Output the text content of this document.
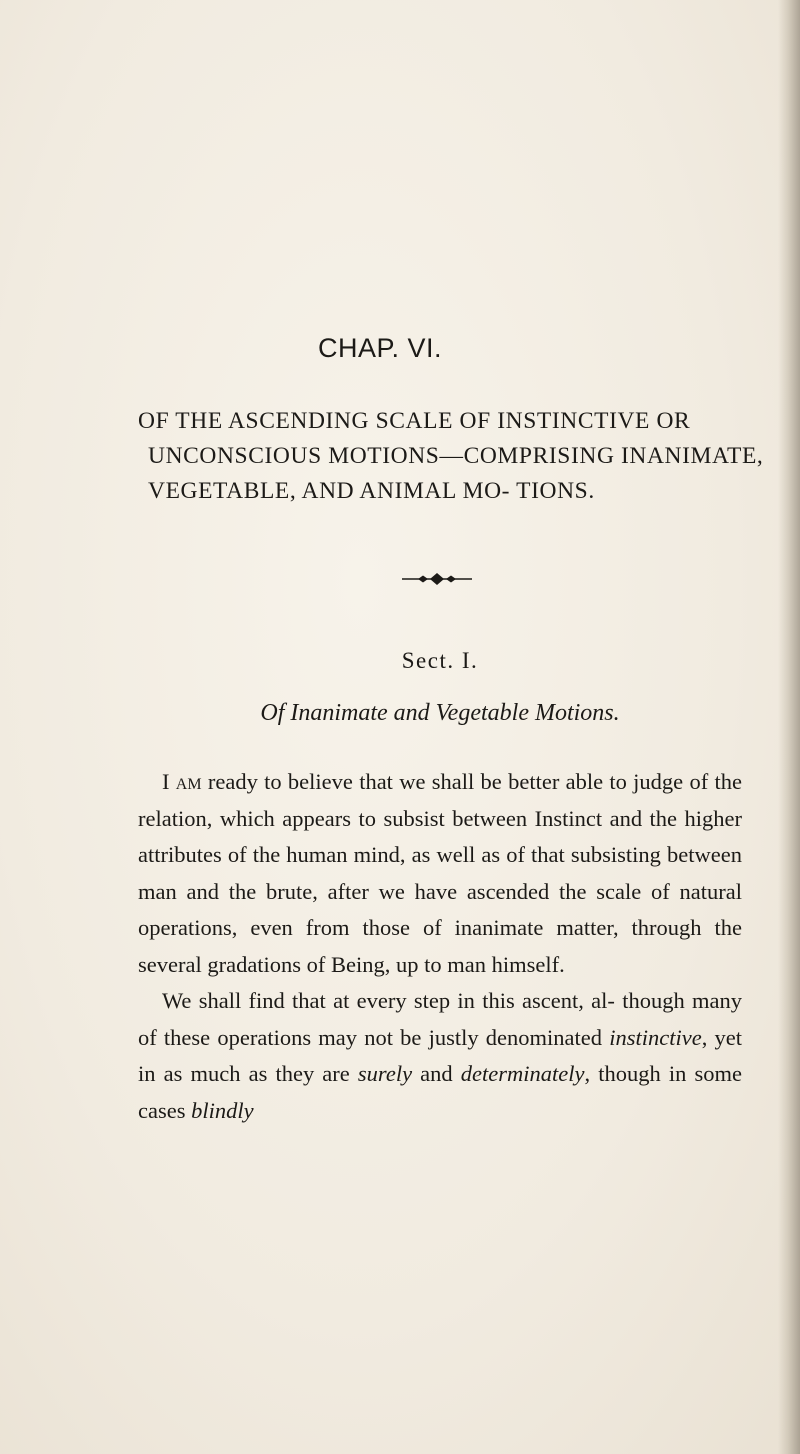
CHAP. VI.

OF THE ASCENDING SCALE OF INSTINCTIVE OR UNCONSCIOUS MOTIONS—COMPRISING INANIMATE, VEGETABLE, AND ANIMAL MO- TIONS.

Sect. I.
Of Inanimate and Vegetable Motions.

I am ready to believe that we shall be better able to judge of the relation, which appears to subsist between Instinct and the higher attributes of the human mind, as well as of that subsisting between man and the brute, after we have ascended the scale of natural operations, even from those of inanimate matter, through the several gradations of Being, up to man himself.

We shall find that at every step in this ascent, al- though many of these operations may not be justly denominated instinctive, yet in as much as they are surely and determinately, though in some cases blindly
